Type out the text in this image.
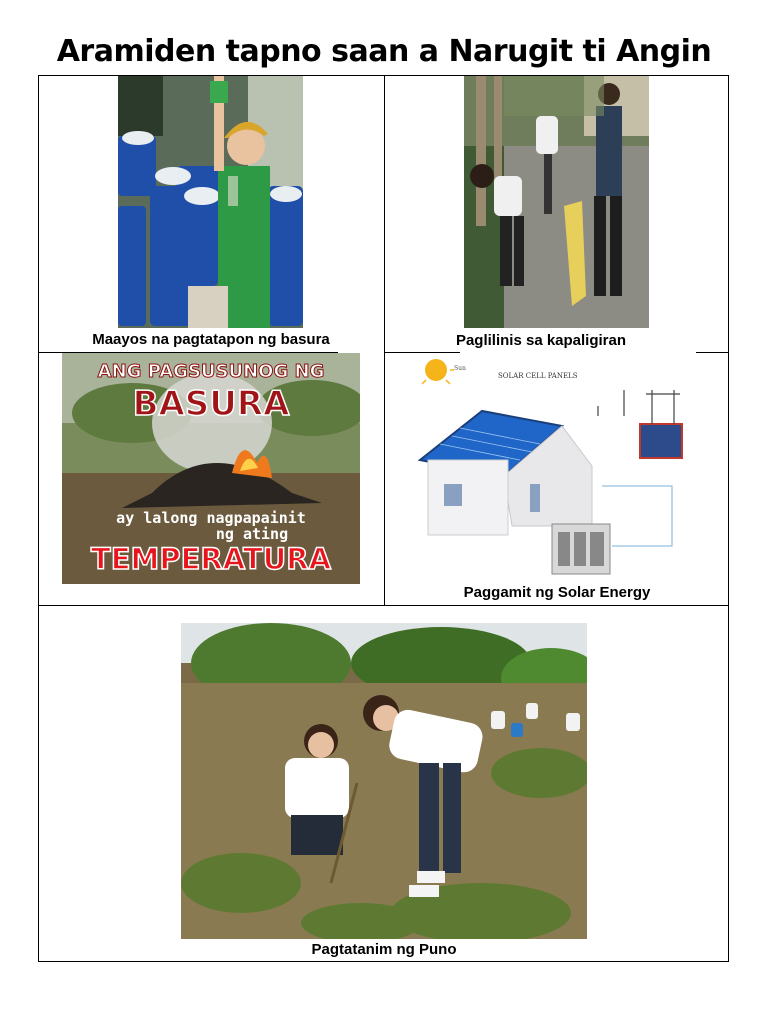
Aramiden tapno saan a Narugit ti Angin
Maayos na pagtatapon ng basura	Paglilinis sa kapaligiran
ANG PAGSUSUNOG NG
BASURA
ay lalong nagpapainit
ng ating
TEMPERATURA
Sun
SOLAR CELL PANELS
Paggamit ng Solar Energy
Pagtatanim ng Puno
